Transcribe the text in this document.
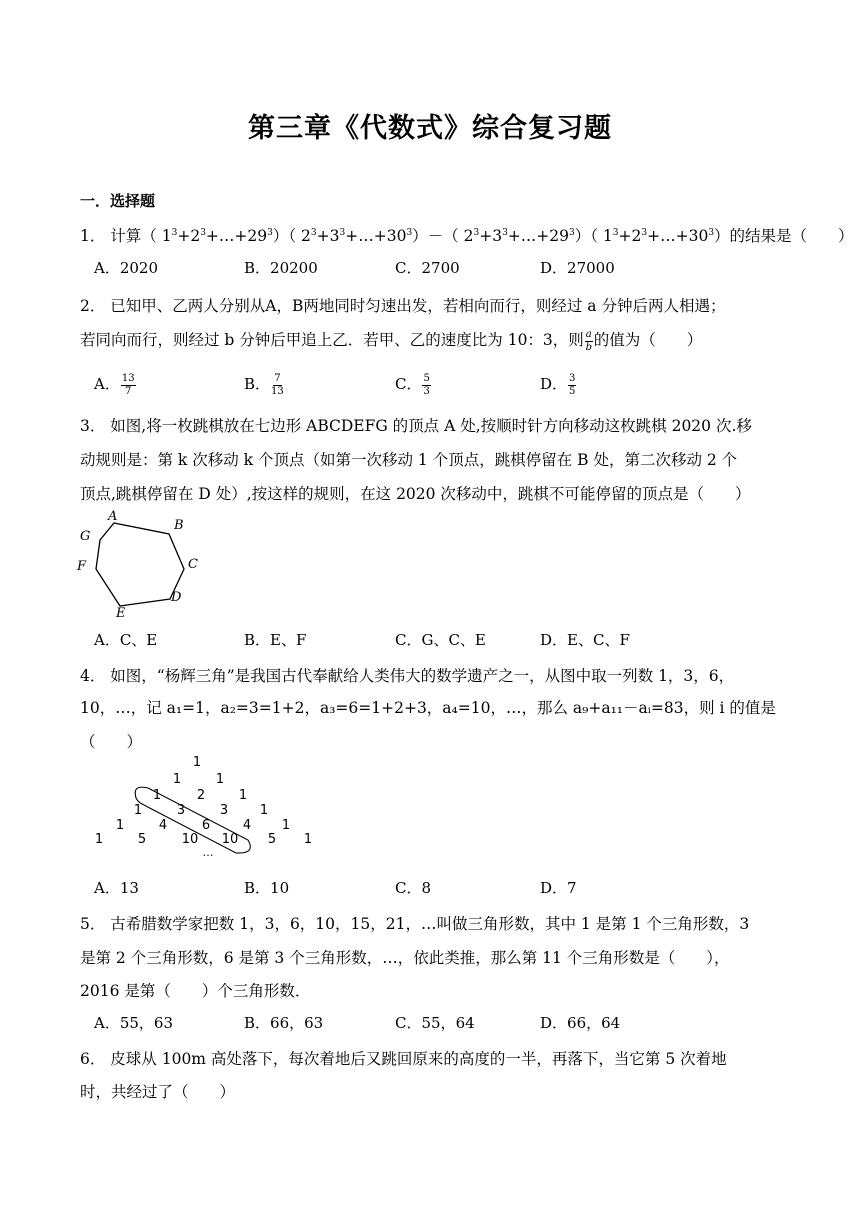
第三章《代数式》综合复习题
一．选择题
1． 计算（ $1^3+2^3+\dots+29^3$）（ $2^3+3^3+\dots+30^3)-$（ $2^3+3^3+\dots+29^3$）（ $1^3+2^3+\dots+30^3$）的结果是（　　）
A．2020	B．20200	C．2700	D．27000
2． 已知甲、乙两人分别从A，B两地同时匀速出发，若相向而行，则经过 a 分钟后两人相遇；
若同向而行，则经过 b 分钟后甲追上乙．若甲、乙的速度比为 10：3，则 $\frac{a}{b}$ 的值为（　　）
A． $\frac{13}{7}$	B． $\frac{7}{13}$	C． $\frac{5}{3}$	D． $\frac{3}{5}$
3． 如图,将一枚跳棋放在七边形 ABCDEFG 的顶点 A 处,按顺时针方向移动这枚跳棋 2020 次.移
动规则是：第 k 次移动 k 个顶点（如第一次移动 1 个顶点，跳棋停留在 B 处，第二次移动 2 个
顶点,跳棋停留在 D 处）,按这样的规则，在这 2020 次移动中，跳棋不可能停留的顶点是（　　）
A
B
C
D
E
F
G
A．C、E	B．E、F	C．G、C、E	D．E、C、F
4． 如图，“杨辉三角”是我国古代奉献给人类伟大的数学遗产之一，从图中取一列数 1，3，6，
10，…，记 a₁=1，a₂=3=1+2，a₃=6=1+2+3，a₄=10，…，那么 a₉+a₁₁－aᵢ=83，则 i 的值是
（　　）
1
1	1
1	2	1
1	3	3 1
1	4	6	4 1
1	5	10 10 5 1
…
A．13	B．10	C．8	D．7
5． 古希腊数学家把数 1，3，6，10，15，21，…叫做三角形数，其中 1 是第 1 个三角形数，3
是第 2 个三角形数，6 是第 3 个三角形数，…，依此类推，那么第 11 个三角形数是（　　），
2016 是第（　　）个三角形数．
A．55，63	B．66，63	C．55，64	D．66，64
6． 皮球从 100m 高处落下，每次着地后又跳回原来的高度的一半，再落下，当它第 5 次着地
时，共经过了（　　）
